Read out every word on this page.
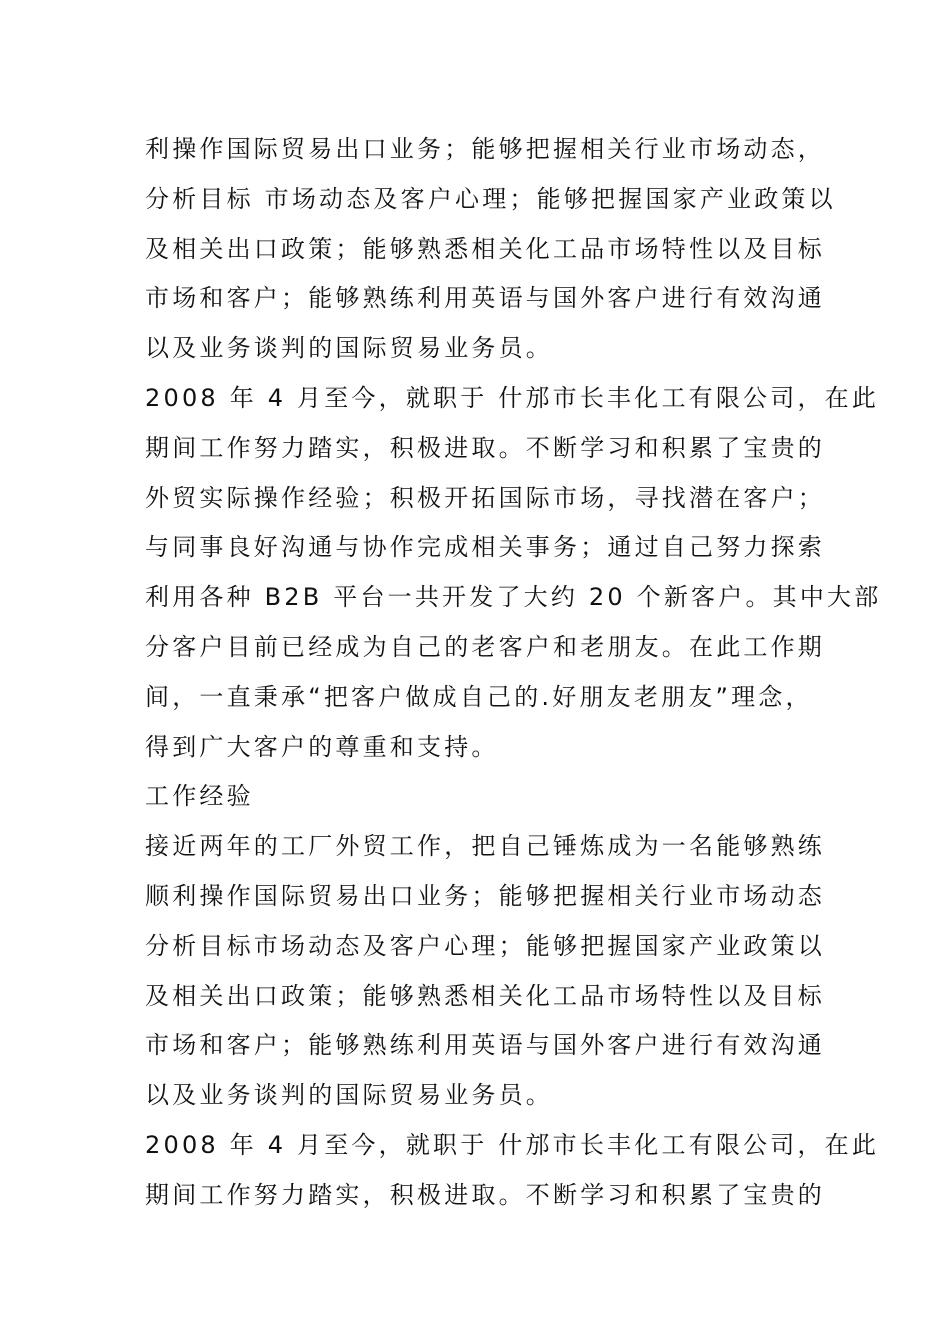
利操作国际贸易出口业务；能够把握相关行业市场动态，
分析目标 市场动态及客户心理；能够把握国家产业政策以
及相关出口政策；能够熟悉相关化工品市场特性以及目标
市场和客户；能够熟练利用英语与国外客户进行有效沟通
以及业务谈判的国际贸易业务员。
2008 年 4 月至今，就职于 什邡市长丰化工有限公司，在此
期间工作努力踏实，积极进取。不断学习和积累了宝贵的
外贸实际操作经验；积极开拓国际市场，寻找潜在客户；
与同事良好沟通与协作完成相关事务；通过自己努力探索
利用各种 B2B 平台一共开发了大约 20 个新客户。其中大部
分客户目前已经成为自己的老客户和老朋友。在此工作期
间，一直秉承“把客户做成自己的.好朋友老朋友”理念，
得到广大客户的尊重和支持。
工作经验
接近两年的工厂外贸工作，把自己锤炼成为一名能够熟练
顺利操作国际贸易出口业务；能够把握相关行业市场动态
分析目标市场动态及客户心理；能够把握国家产业政策以
及相关出口政策；能够熟悉相关化工品市场特性以及目标
市场和客户；能够熟练利用英语与国外客户进行有效沟通
以及业务谈判的国际贸易业务员。
2008 年 4 月至今，就职于 什邡市长丰化工有限公司，在此
期间工作努力踏实，积极进取。不断学习和积累了宝贵的
